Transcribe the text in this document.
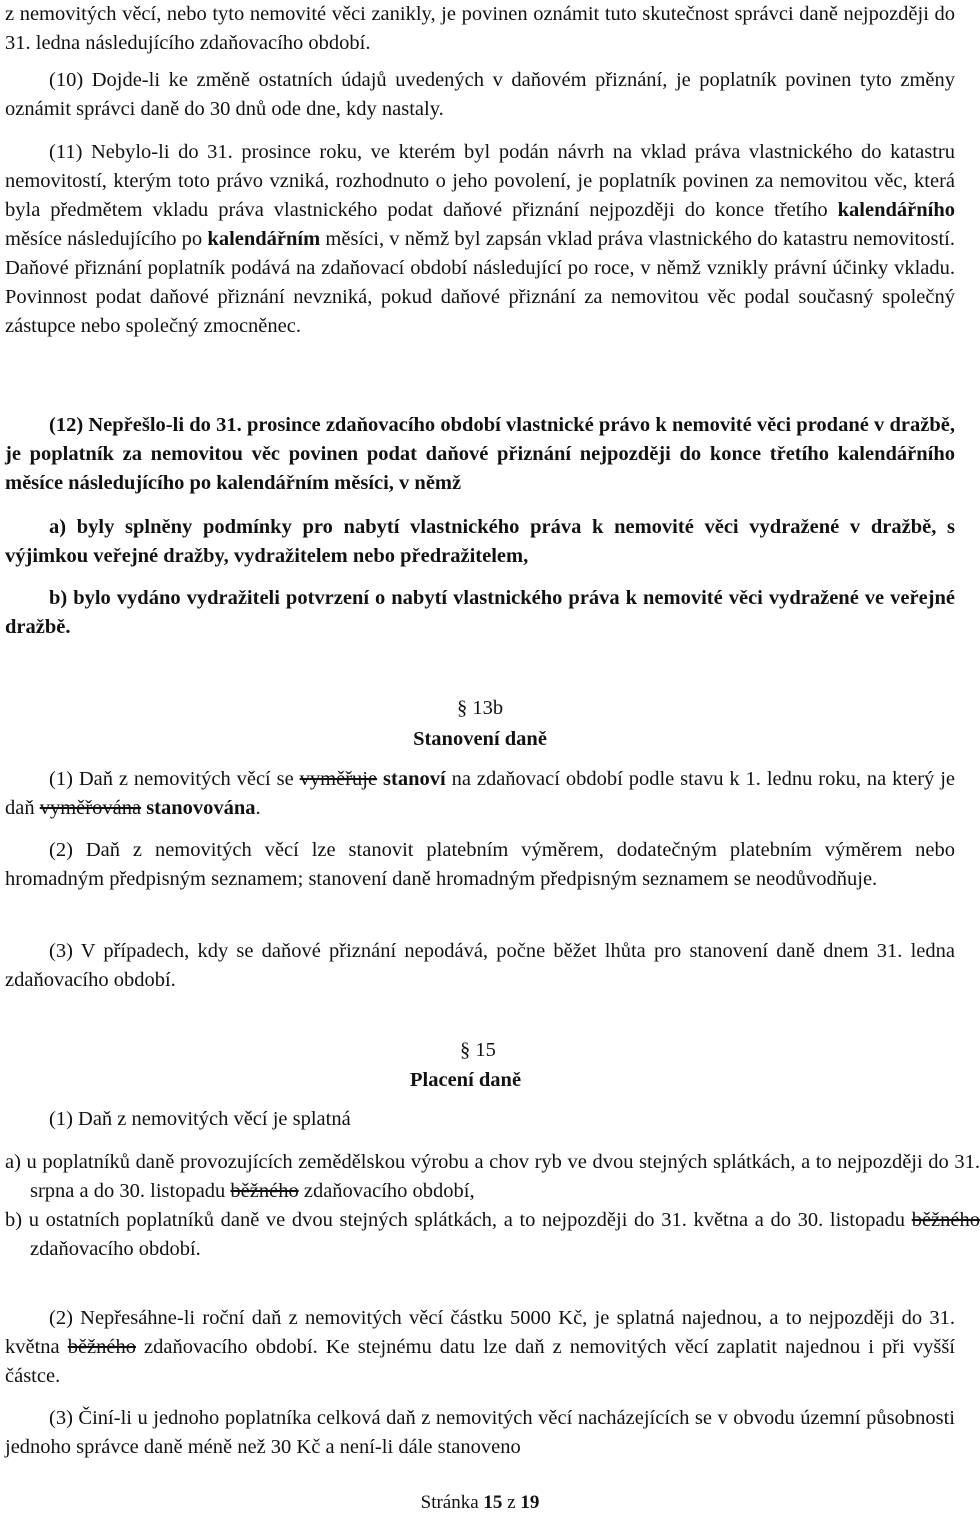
z nemovitých věcí, nebo tyto nemovité věci zanikly, je povinen oznámit tuto skutečnost správci daně nejpozději do 31. ledna následujícího zdaňovacího období.
(10) Dojde-li ke změně ostatních údajů uvedených v daňovém přiznání, je poplatník povinen tyto změny oznámit správci daně do 30 dnů ode dne, kdy nastaly.
(11) Nebylo-li do 31. prosince roku, ve kterém byl podán návrh na vklad práva vlastnického do katastru nemovitostí, kterým toto právo vzniká, rozhodnuto o jeho povolení, je poplatník povinen za nemovitou věc, která byla předmětem vkladu práva vlastnického podat daňové přiznání nejpozději do konce třetího kalendářního měsíce následujícího po kalendářním měsíci, v němž byl zapsán vklad práva vlastnického do katastru nemovitostí. Daňové přiznání poplatník podává na zdaňovací období následující po roce, v němž vznikly právní účinky vkladu. Povinnost podat daňové přiznání nevzniká, pokud daňové přiznání za nemovitou věc podal současný společný zástupce nebo společný zmocněnec.
(12) Nepřešlo-li do 31. prosince zdaňovacího období vlastnické právo k nemovité věci prodané v dražbě, je poplatník za nemovitou věc povinen podat daňové přiznání nejpozději do konce třetího kalendářního měsíce následujícího po kalendářním měsíci, v němž
a) byly splněny podmínky pro nabytí vlastnického práva k nemovité věci vydražené v dražbě, s výjimkou veřejné dražby, vydražitelem nebo předražitelem,
b) bylo vydáno vydražiteli potvrzení o nabytí vlastnického práva k nemovité věci vydražené ve veřejné dražbě.
§ 13b
Stanovení daně
(1) Daň z nemovitých věcí se vyměřuje stanoví na zdaňovací období podle stavu k 1. lednu roku, na který je daň vyměřována stanovována.
(2) Daň z nemovitých věcí lze stanovit platebním výměrem, dodatečným platebním výměrem nebo hromadným předpisným seznamem; stanovení daně hromadným předpisným seznamem se neodůvodňuje.
(3) V případech, kdy se daňové přiznání nepodává, počne běžet lhůta pro stanovení daně dnem 31. ledna zdaňovacího období.
§ 15
Placení daně
(1) Daň z nemovitých věcí je splatná
a) u poplatníků daně provozujících zemědělskou výrobu a chov ryb ve dvou stejných splátkách, a to nejpozději do 31. srpna a do 30. listopadu běžného zdaňovacího období,
b) u ostatních poplatníků daně ve dvou stejných splátkách, a to nejpozději do 31. května a do 30. listopadu běžného zdaňovacího období.
(2) Nepřesáhne-li roční daň z nemovitých věcí částku 5000 Kč, je splatná najednou, a to nejpozději do 31. května běžného zdaňovacího období. Ke stejnému datu lze daň z nemovitých věcí zaplatit najednou i při vyšší částce.
(3) Činí-li u jednoho poplatníka celková daň z nemovitých věcí nacházejících se v obvodu územní působnosti jednoho správce daně méně než 30 Kč a není-li dále stanoveno
Stránka 15 z 19
